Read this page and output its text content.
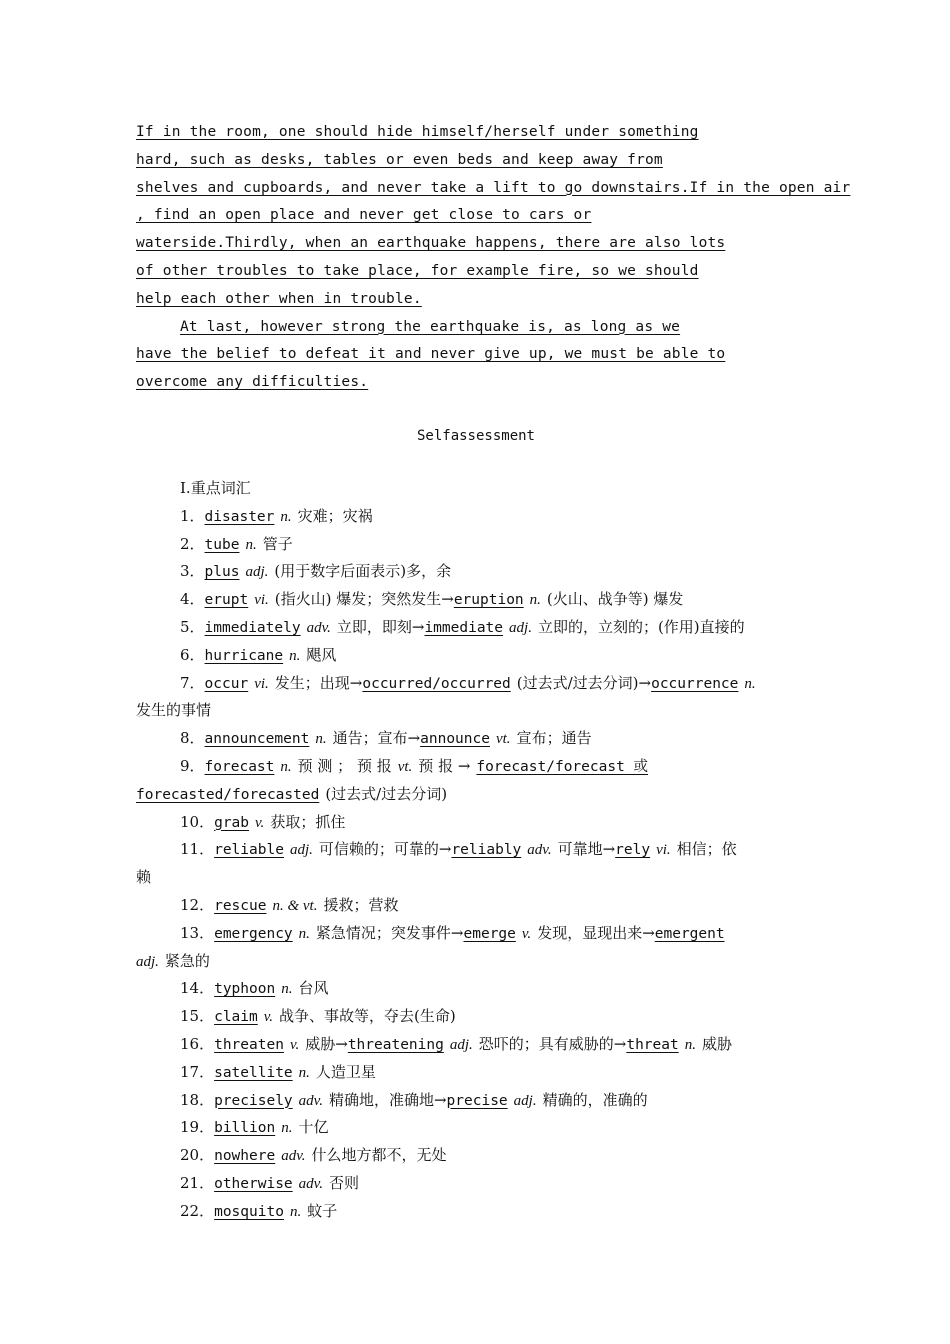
If in the room, one should hide himself/herself under something
hard, such as desks, tables or even beds and keep away from
shelves and cupboards, and never take a lift to go downstairs.If in the open air
, find an open place and never get close to cars or
waterside.Thirdly, when an earthquake happens, there are also lots
of other troubles to take place, for example fire, so we should
help each other when in trouble.
At last, however strong the earthquake is, as long as we
have the belief to defeat it and never give up, we must be able to
overcome any difficulties.
Selfassessment
Ⅰ.重点词汇
1．disaster n. 灾难；灾祸
2．tube n. 管子
3．plus adj. (用于数字后面表示)多，余
4．erupt vi. (指火山) 爆发；突然发生→eruption n. (火山、战争等) 爆发
5．immediately adv. 立即，即刻→immediate adj. 立即的，立刻的；(作用)直接的
6．hurricane n. 飓风
7．occur vi. 发生；出现→occurred/occurred (过去式/过去分词)→occurrence n.
发生的事情
8．announcement n. 通告；宣布→announce vt. 宣布；通告
9．forecast n. 预 测 ； 预 报 vt. 预 报 → forecast/forecast 或
forecasted/forecasted (过去式/过去分词)
10．grab v. 获取；抓住
11．reliable adj. 可信赖的；可靠的→reliably adv. 可靠地→rely vi. 相信；依
赖
12．rescue n. & vt. 援救；营救
13．emergency n. 紧急情况；突发事件→emerge v. 发现，显现出来→emergent
adj. 紧急的
14．typhoon n. 台风
15．claim v. 战争、事故等，夺去(生命)
16．threaten v. 威胁→threatening adj. 恐吓的；具有威胁的→threat n. 威胁
17．satellite n. 人造卫星
18．precisely adv. 精确地，准确地→precise adj. 精确的，准确的
19．billion n. 十亿
20．nowhere adv. 什么地方都不，无处
21．otherwise adv. 否则
22．mosquito n. 蚊子
